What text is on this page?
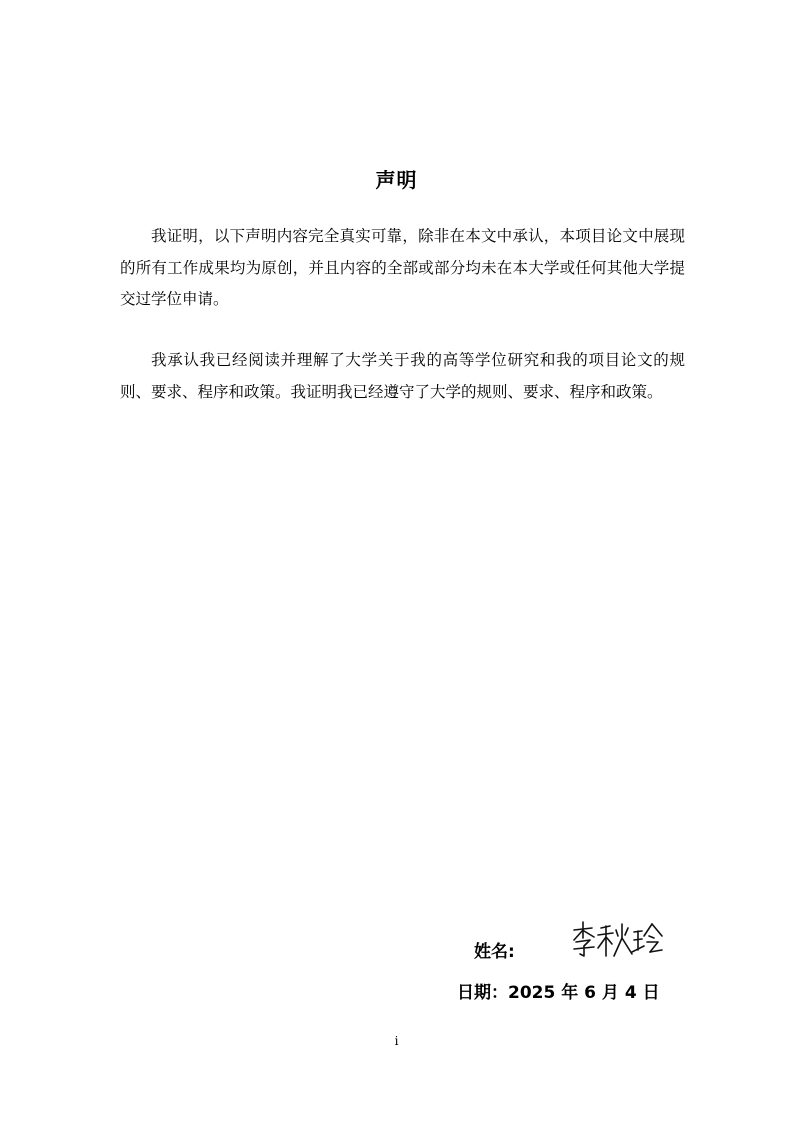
声明

我证明，以下声明内容完全真实可靠，除非在本文中承认，本项目论文中展现的所有工作成果均为原创，并且内容的全部或部分均未在本大学或任何其他大学提交过学位申请。

我承认我已经阅读并理解了大学关于我的高等学位研究和我的项目论文的规则、要求、程序和政策。我证明我已经遵守了大学的规则、要求、程序和政策。

姓名:
日期：2025 年 6 月 4 日
i
